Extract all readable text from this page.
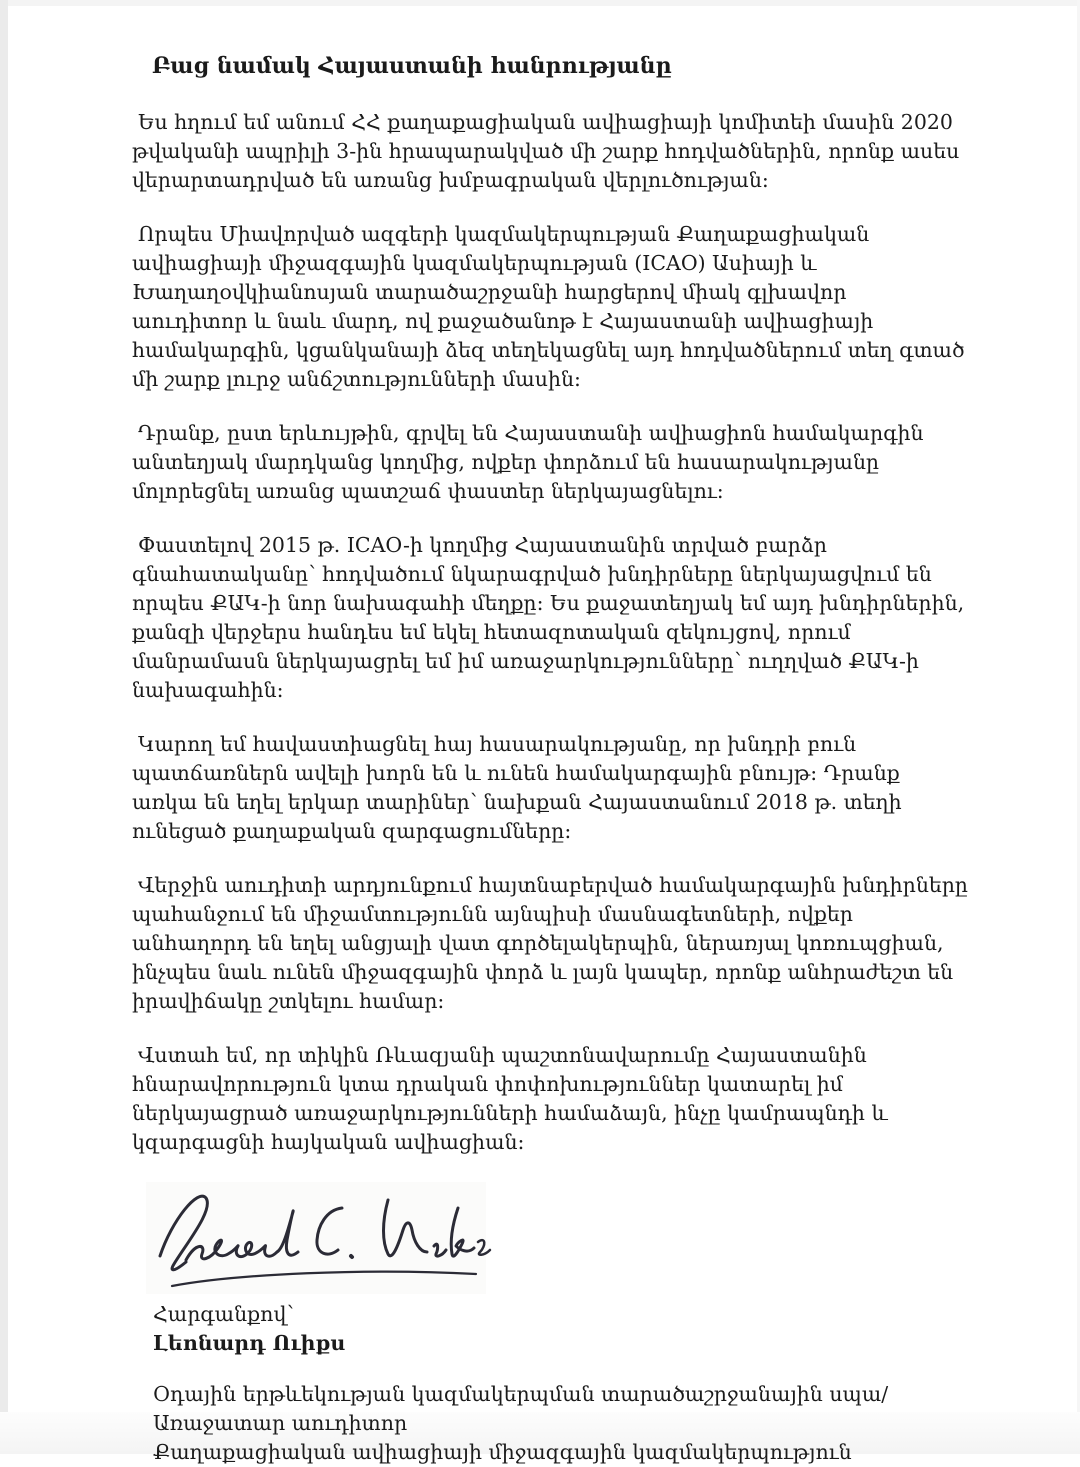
Բաց նամակ Հայաստանի հանրությանը

Ես հղում եմ անում ՀՀ քաղաքացիական ավիացիայի կոմիտեի մասին 2020 թվականի ապրիլի 3-ին հրապարակված մի շարք հոդվածներին, որոնք ասես վերարտադրված են առանց խմբագրական վերլուծության։

Որպես Միավորված ազգերի կազմակերպության Քաղաքացիական ավիացիայի միջազգային կազմակերպության (ICAO) Ասիայի և Խաղաղօվկիանոսյան տարածաշրջանի հարցերով միակ գլխավոր աուդիտոր և նաև մարդ, ով քաջածանոթ է Հայաստանի ավիացիայի համակարգին, կցանկանայի ձեզ տեղեկացնել այդ հոդվածներում տեղ գտած մի շարք լուրջ անճշտությունների մասին։

Դրանք, ըստ երևույթին, գրվել են Հայաստանի ավիացիոն համակարգին անտեղյակ մարդկանց կողմից, ովքեր փորձում են հասարակությանը մոլորեցնել առանց պատշաճ փաստեր ներկայացնելու։

Փաստելով 2015 թ. ICAO-ի կողմից Հայաստանին տրված բարձր գնահատականը՝ հոդվածում նկարագրված խնդիրները ներկայացվում են որպես ՔԱԿ-ի նոր նախագահի մեղքը։ Ես քաջատեղյակ եմ այդ խնդիրներին, քանզի վերջերս հանդես եմ եկել հետազոտական զեկույցով, որում մանրամասն ներկայացրել եմ իմ առաջարկությունները՝ ուղղված ՔԱԿ-ի նախագահին։

Կարող եմ հավաստիացնել հայ հասարակությանը, որ խնդրի բուն պատճառներն ավելի խորն են և ունեն համակարգային բնույթ։ Դրանք առկա են եղել երկար տարիներ՝ նախքան Հայաստանում 2018 թ. տեղի ունեցած քաղաքական զարգացումները։

Վերջին աուդիտի արդյունքում հայտնաբերված համակարգային խնդիրները պահանջում են միջամտությունն այնպիսի մասնագետների, ովքեր անհաղորդ են եղել անցյալի վատ գործելակերպին, ներառյալ կոռուպցիան, ինչպես նաև ունեն միջազգային փորձ և լայն կապեր, որոնք անհրաժեշտ են իրավիճակը շտկելու համար։

Վստահ եմ, որ տիկին Ռևազյանի պաշտոնավարումը Հայաստանին հնարավորություն կտա դրական փոփոխություններ կատարել իմ ներկայացրած առաջարկությունների համաձայն, ինչը կամրապնդի և կզարգացնի հայկական ավիացիան։

Հարգանքով՝
Լեոնարդ Ուիքս
Օդային երթևեկության կազմակերպման տարածաշրջանային սպա/Առաջատար աուդիտոր
Քաղաքացիական ավիացիայի միջազգային կազմակերպություն
